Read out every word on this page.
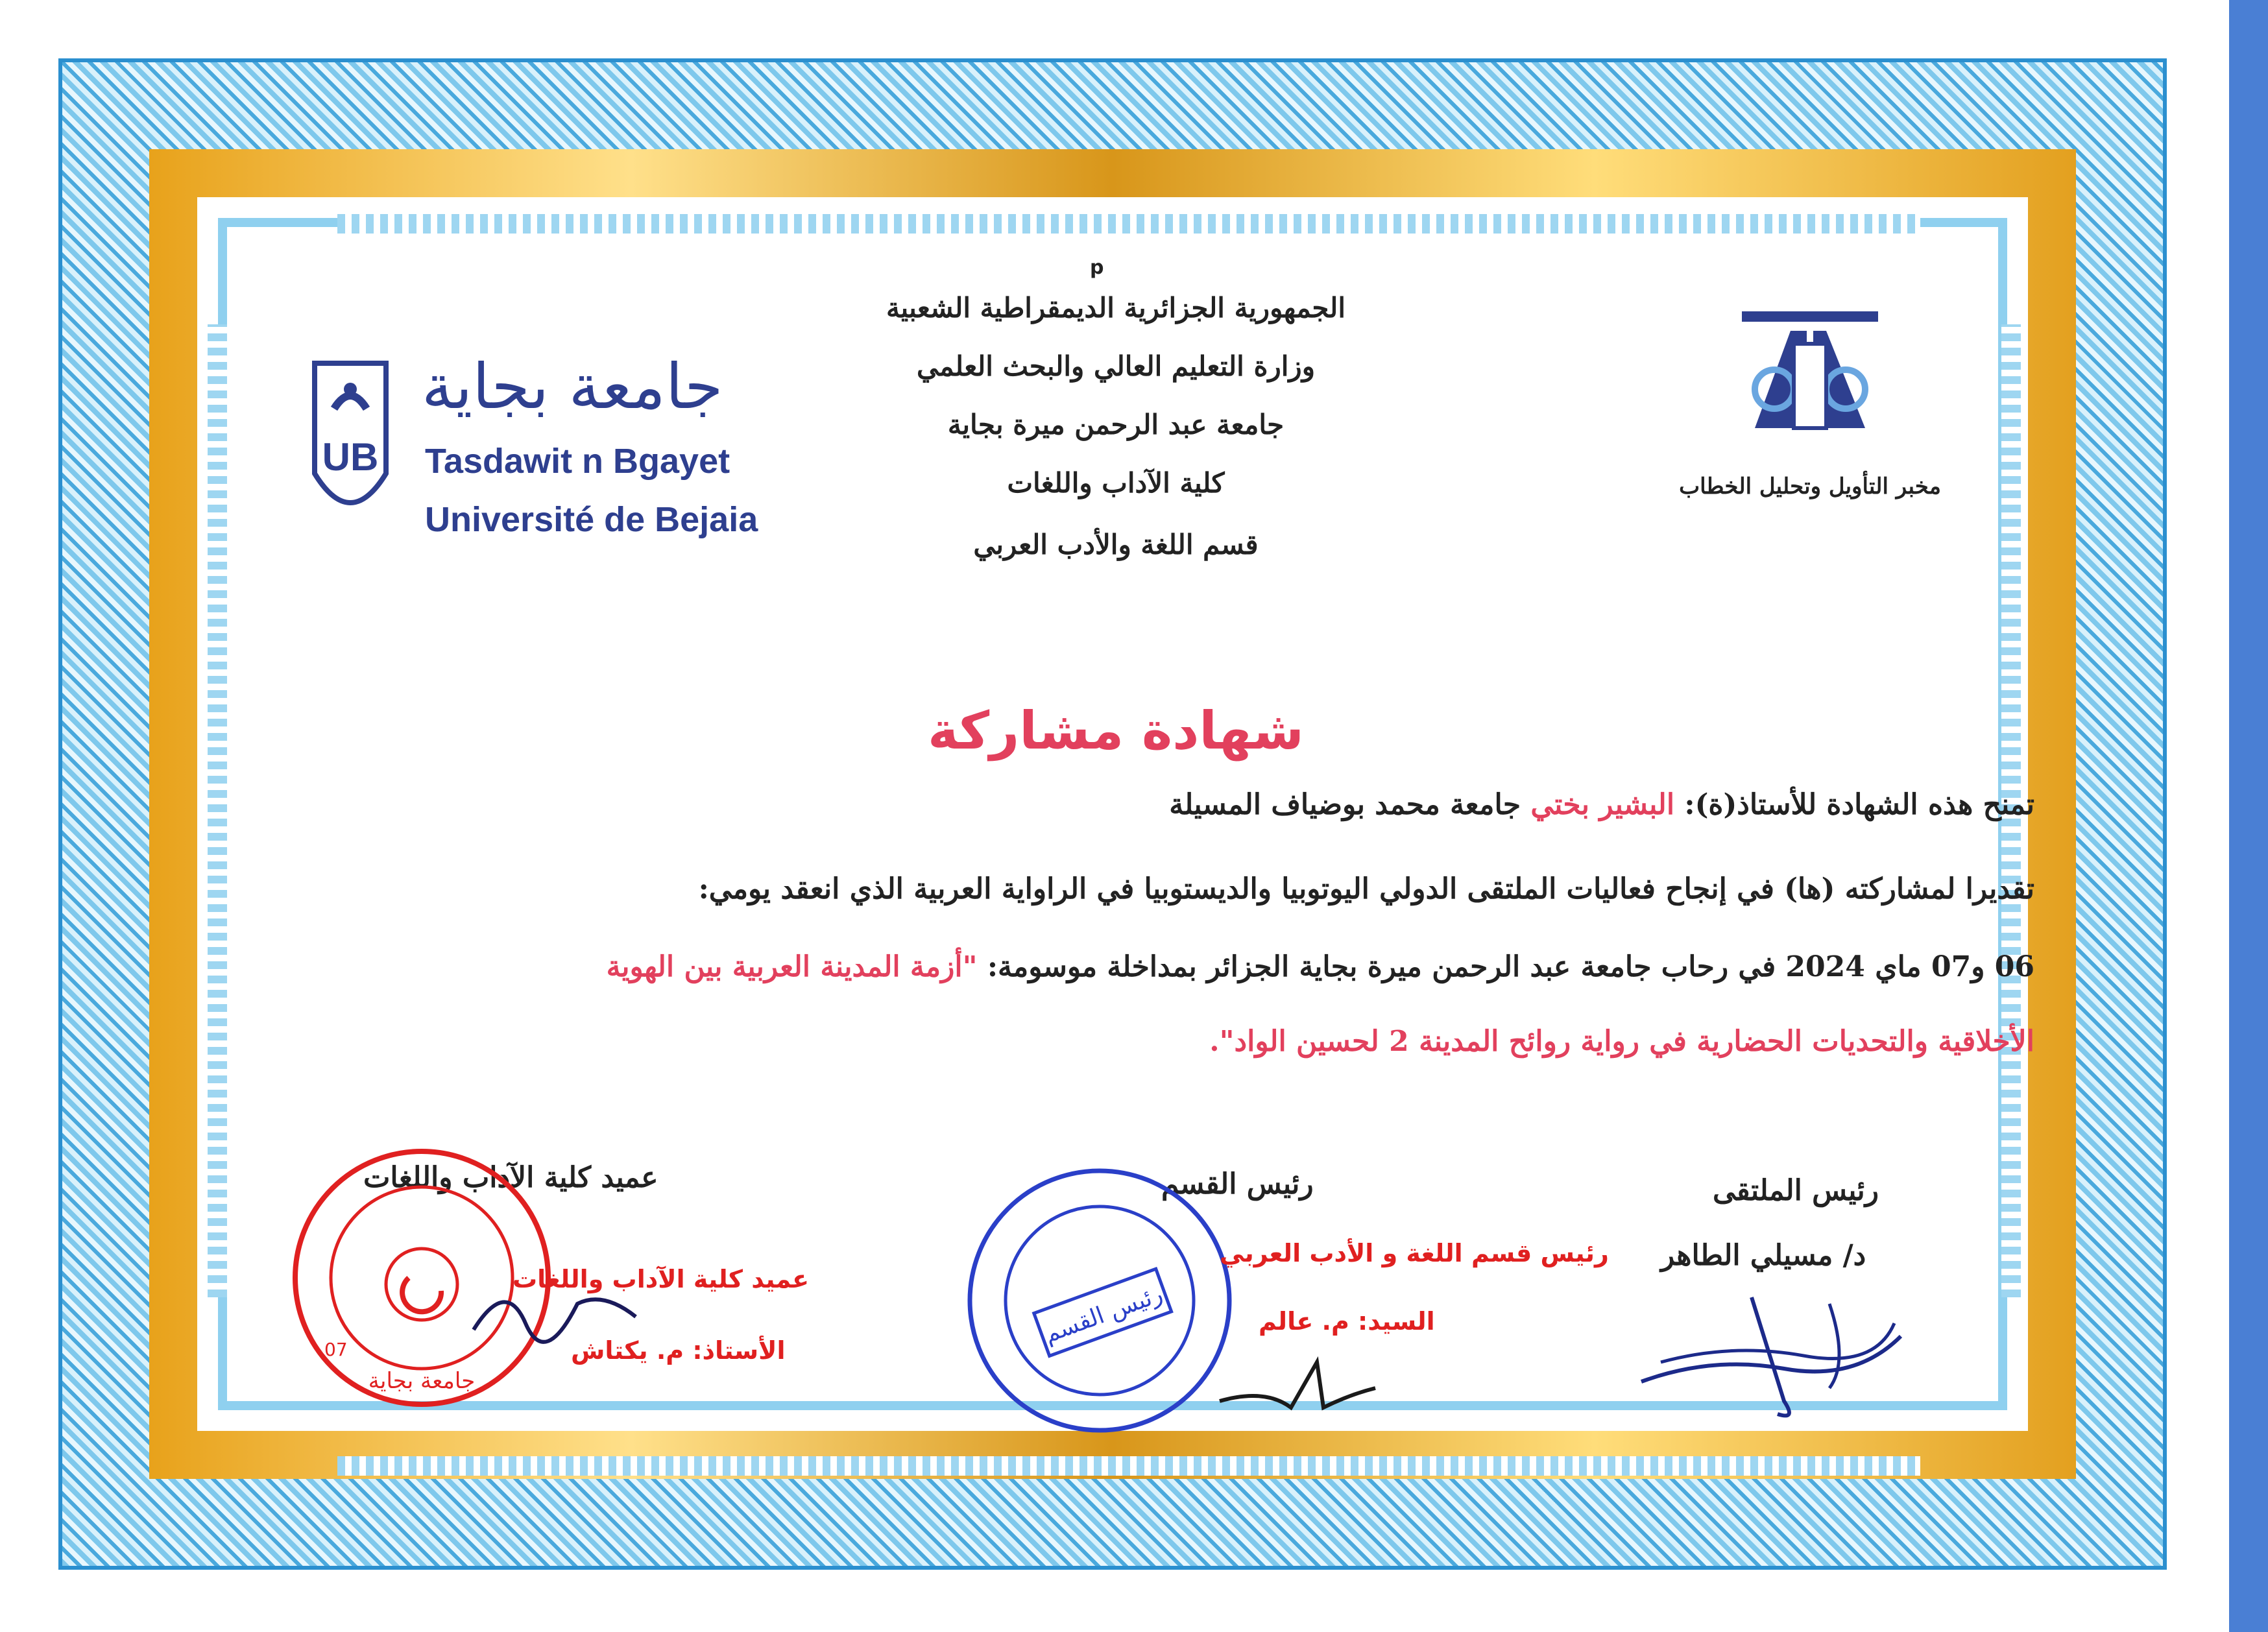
p
الجمهورية الجزائرية الديمقراطية الشعبية
وزارة التعليم العالي والبحث العلمي
جامعة عبد الرحمن ميرة بجاية
كلية الآداب واللغات
قسم اللغة والأدب العربي
UB
جامعة بجاية
Tasdawit n Bgayet
Université de Bejaia
مخبر التأويل وتحليل الخطاب
شهادة مشاركة
تمنح هذه الشهادة للأستاذ(ة): البشير بختي جامعة محمد بوضياف المسيلة
تقديرا لمشاركته (ها) في إنجاح فعاليات الملتقى الدولي اليوتوبيا والديستوبيا في الراواية العربية الذي انعقد يومي:
06 و07 ماي 2024 في رحاب جامعة عبد الرحمن ميرة بجاية الجزائر بمداخلة موسومة: "أزمة المدينة العربية بين الهوية
الأخلاقية والتحديات الحضارية في رواية روائح المدينة 2 لحسين الواد".
عميد كلية الآداب واللغات	رئيس القسم	رئيس الملتقى
د/ مسيلي الطاهر
جامعة بجاية
07
عميد كلية الآداب واللغات
الأستاذ: م. يكتاش
رئيس القسم
رئيس قسم اللغة و الأدب العربي
السيد: م. عالم
